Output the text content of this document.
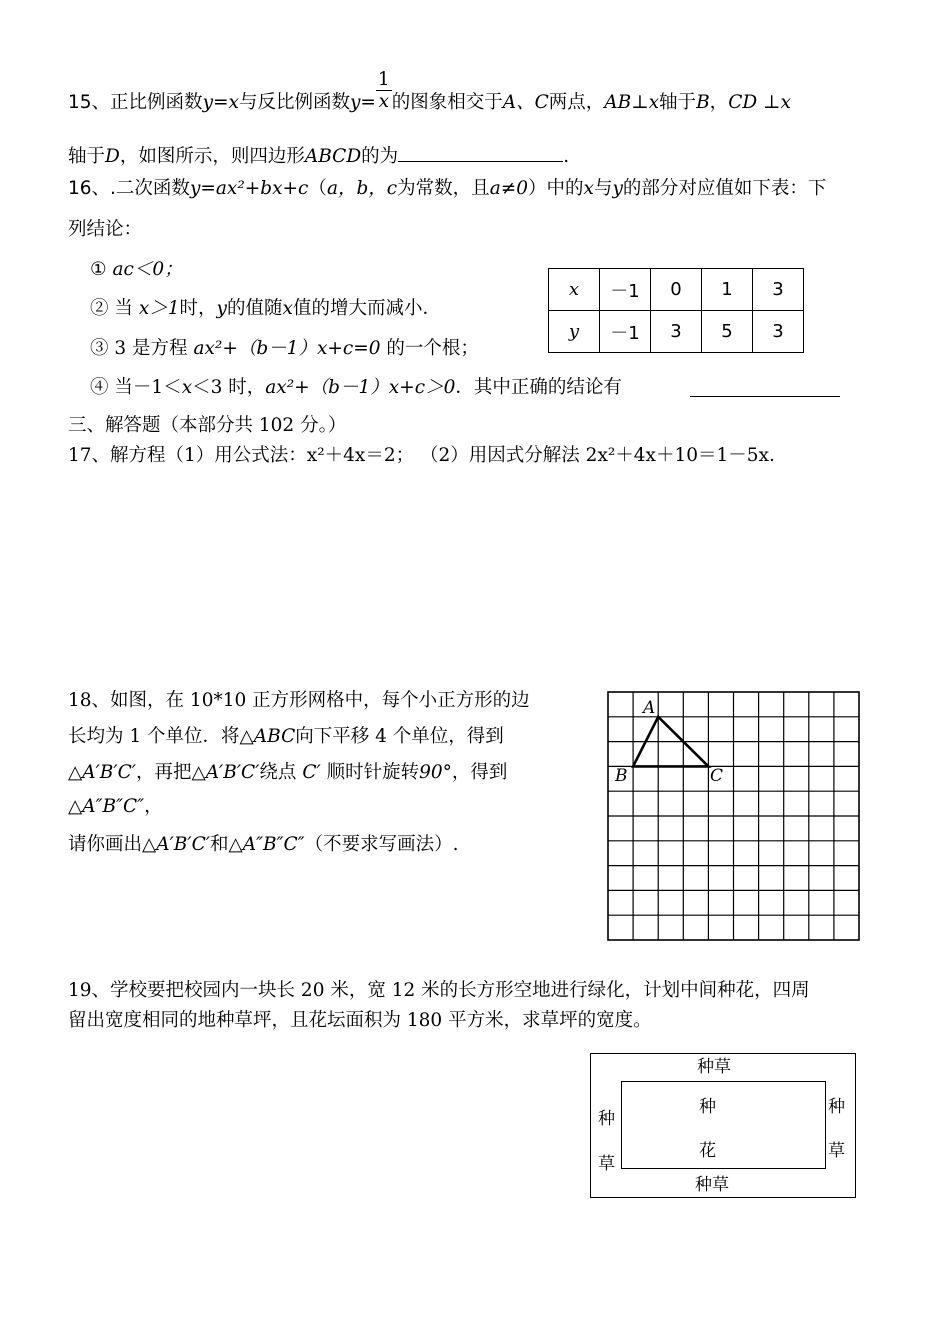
15、正比例函数y=x与反比例函数$y= \frac{1}{x}$ 的图象相交于A、C两点，AB⊥x轴于B，CD ⊥x
轴于D，如图所示，则四边形ABCD的为	.
16、.二次函数y=ax²+bx+c（a，b，c为常数，且a≠0）中的x与y的部分对应值如下表：下
列结论：
① ac＜0；
② 当 x＞1时，y的值随x值的增大而减小．
③ 3 是方程 ax²+（b－1）x+c=0 的一个根；
④ 当－1＜x＜3 时，ax²+（b－1）x+c＞0．其中正确的结论有
x	－1	0	1	3
y	－1	3	5	3
三、解答题（本部分共 102 分。）
17、解方程（1）用公式法：x²＋4x＝2； （2）用因式分解法 2x²＋4x＋10＝1－5x.
18、如图，在 10*10 正方形网格中，每个小正方形的边
长均为 1 个单位．将△ABC向下平移 4 个单位，得到
△A′B′C′，再把△A′B′C′绕点 C′ 顺时针旋转90°，得到
△A″B″C″，
请你画出△A′B′C′和△A″B″C″（不要求写画法）.
A
B	C
19、学校要把校园内一块长 20 米，宽 12 米的长方形空地进行绿化，计划中间种花，四周
留出宽度相同的地种草坪，且花坛面积为 180 平方米，求草坪的宽度。
种草
种草
种
草
种
草
种
花
